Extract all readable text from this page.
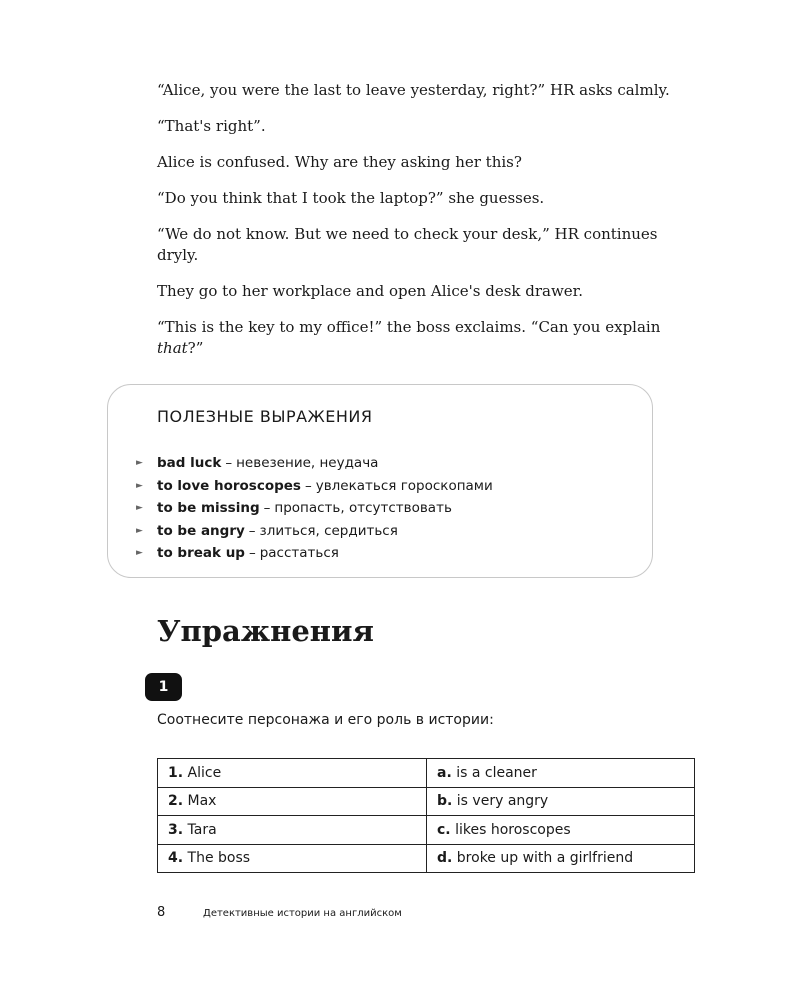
“Alice, you were the last to leave yesterday, right?” HR asks calmly.

“That's right”.

Alice is confused. Why are they asking her this?

“Do you think that I took the laptop?” she guesses.

“We do not know. But we need to check your desk,” HR continues dryly.

They go to her workplace and open Alice's desk drawer.

“This is the key to my office!” the boss exclaims. “Can you explain that?”

ПОЛЕЗНЫЕ ВЫРАЖЕНИЯ
►	bad luck – невезение, неудача
►	to love horoscopes – увлекаться гороскопами
►	to be missing – пропасть, отсутствовать
►	to be angry – злиться, сердиться
►	to break up – расстаться
Упражнения
1

Соотнесите персонажа и его роль в истории:

1. Alice	a. is a cleaner
2. Max	b. is very angry
3. Tara	c. likes horoscopes
4. The boss	d. broke up with a girlfriend
8	Детективные истории на английском
